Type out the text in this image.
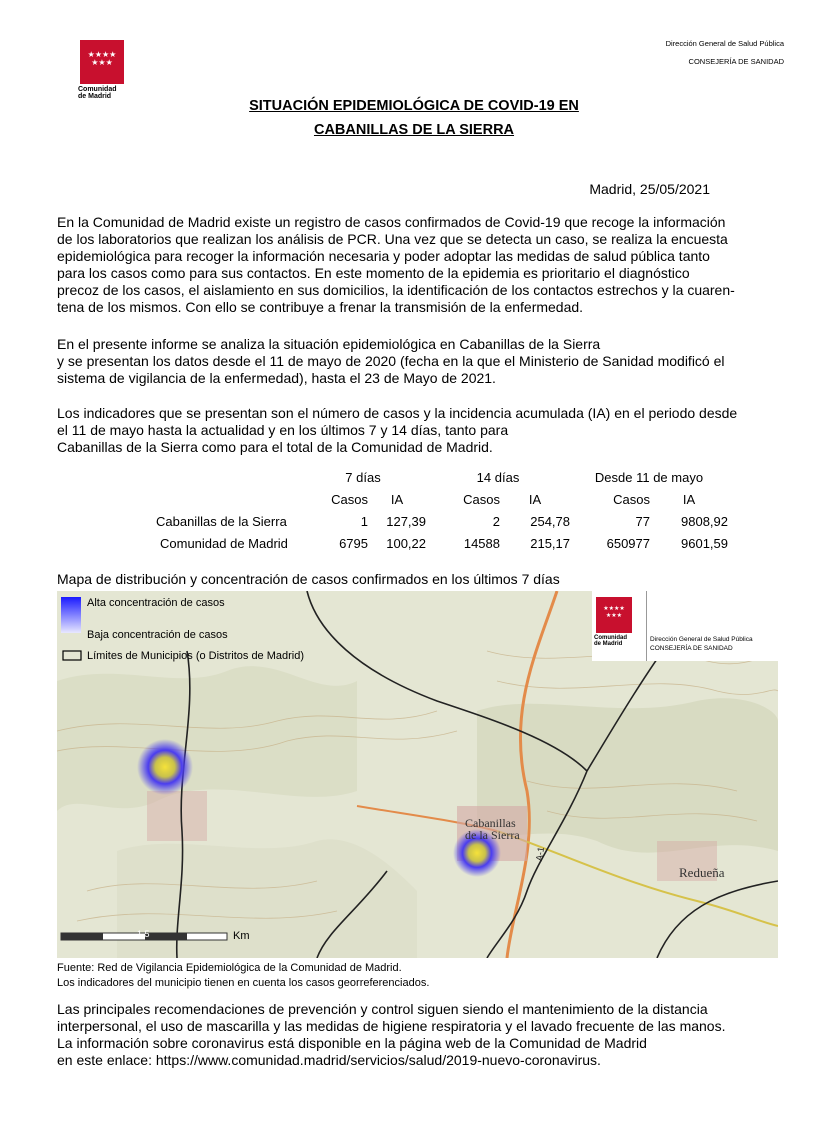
★★★★
★★★
Comunidad
de Madrid
Dirección General de Salud Pública
CONSEJERÍA DE SANIDAD
SITUACIÓN EPIDEMIOLÓGICA DE COVID-19 EN
CABANILLAS DE LA SIERRA
Madrid, 25/05/2021
En la Comunidad de Madrid existe un registro de casos confirmados de Covid-19 que recoge la información
de los laboratorios que realizan los análisis de PCR. Una vez que se detecta un caso, se realiza la encuesta
epidemiológica para recoger la información necesaria y poder adoptar las medidas de salud pública tanto
para los casos como para sus contactos. En este momento de la epidemia es prioritario el diagnóstico
precoz de los casos, el aislamiento en sus domicilios, la identificación de los contactos estrechos y la cuaren-
tena de los mismos. Con ello se contribuye a frenar la transmisión de la enfermedad.
En el presente informe se analiza la situación epidemiológica en Cabanillas de la Sierra
y se presentan los datos desde el 11 de mayo de 2020 (fecha en la que el Ministerio de Sanidad modificó el
sistema de vigilancia de la enfermedad), hasta el 23 de Mayo de 2021.
Los indicadores que se presentan son el número de casos y la incidencia acumulada (IA) en el periodo desde
el 11 de mayo hasta la actualidad y en los últimos 7 y 14 días, tanto para
Cabanillas de la Sierra como para el total de la Comunidad de Madrid.
	7 días		14 días		Desde 11 de mayo	
	Casos	IA	Casos	IA	Casos	IA
Cabanillas de la Sierra	1	127,39	2	254,78	77	9808,92
Comunidad de Madrid	6795	100,22	14588	215,17	650977	9601,59
Mapa de distribución y concentración de casos confirmados en los últimos 7 días
Alta concentración de casos
Baja concentración de casos
Límites de Municipios (o Distritos de Madrid)
Cabanillas
de la Sierra
Redueña
A-1
1,5	Km
★★★★
★★★
Comunidad
de Madrid
Dirección General de Salud Pública
CONSEJERÍA DE SANIDAD
Fuente: Red de Vigilancia Epidemiológica de la Comunidad de Madrid.
Los indicadores del municipio tienen en cuenta los casos georreferenciados.
Las principales recomendaciones de prevención y control siguen siendo el mantenimiento de la distancia
interpersonal, el uso de mascarilla y las medidas de higiene respiratoria y el lavado frecuente de las manos.
La información sobre coronavirus está disponible en la página web de la Comunidad de Madrid
en este enlace: https://www.comunidad.madrid/servicios/salud/2019-nuevo-coronavirus.
